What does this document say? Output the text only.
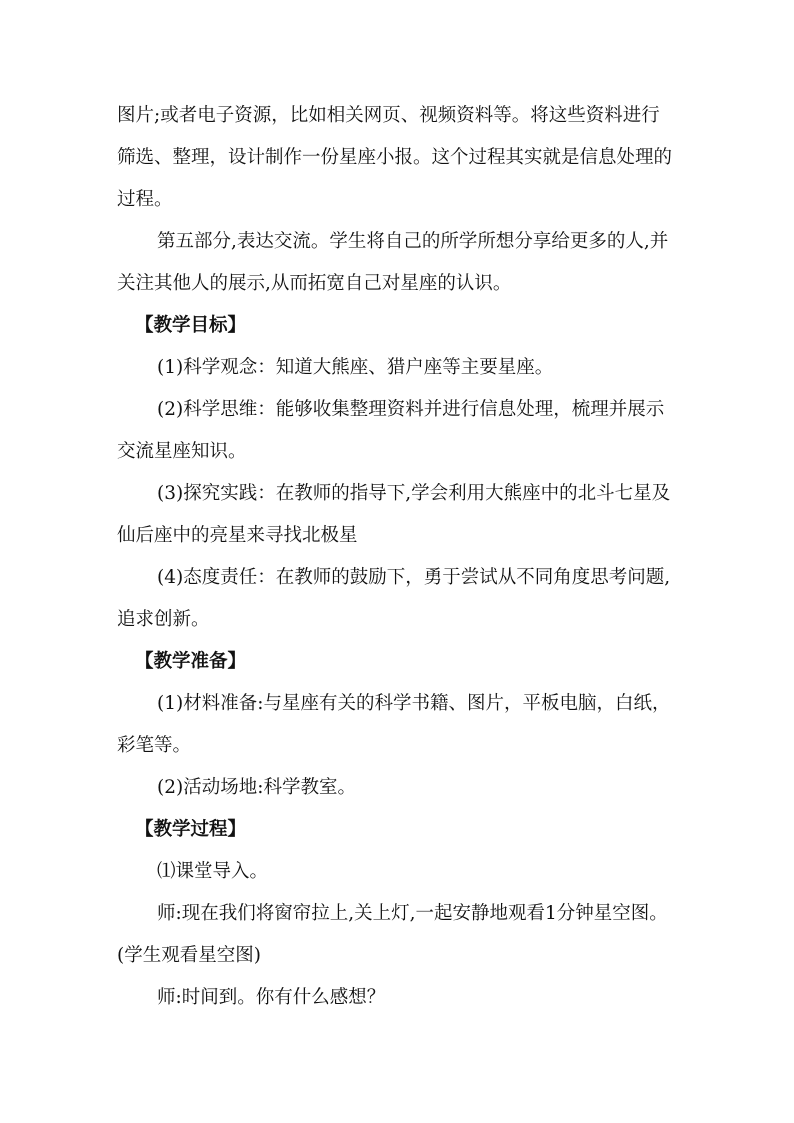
图片;或者电子资源，比如相关网页、视频资料等。将这些资料进行

筛选、整理，设计制作一份星座小报。这个过程其实就是信息处理的

过程。

第五部分,表达交流。学生将自己的所学所想分享给更多的人,并

关注其他人的展示,从而拓宽自己对星座的认识。

【教学目标】

(1)科学观念：知道大熊座、猎户座等主要星座。

(2)科学思维：能够收集整理资料并进行信息处理，梳理并展示

交流星座知识。

(3)探究实践：在教师的指导下,学会利用大熊座中的北斗七星及

仙后座中的亮星来寻找北极星

(4)态度责任：在教师的鼓励下，勇于尝试从不同角度思考问题,

追求创新。

【教学准备】

(1)材料准备:与星座有关的科学书籍、图片，平板电脑，白纸，

彩笔等。

(2)活动场地:科学教室。

【教学过程】

⑴课堂导入。

师:现在我们将窗帘拉上,关上灯,一起安静地观看1分钟星空图。

(学生观看星空图)

师:时间到。你有什么感想？
